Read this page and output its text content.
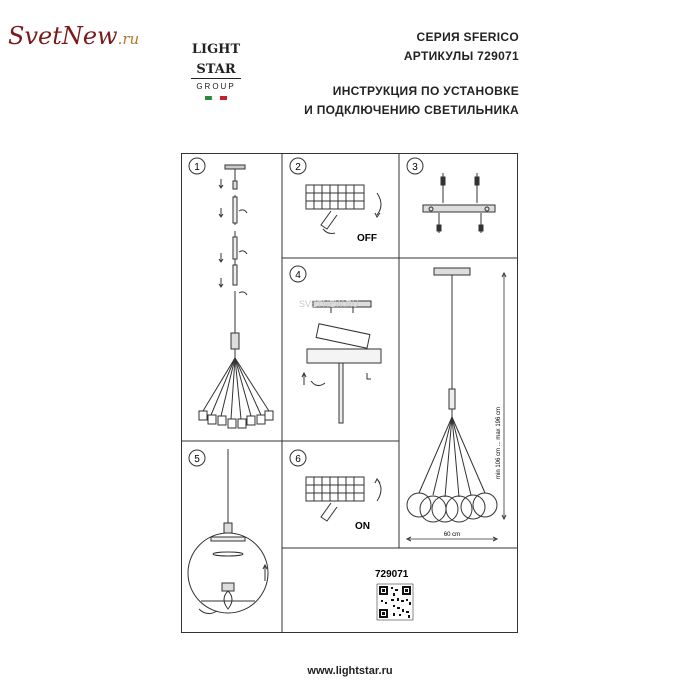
SvetNew.ru
LIGHT
STAR
GROUP
СЕРИЯ SFERICO
АРТИКУЛЫ 729071
ИНСТРУКЦИЯ ПО УСТАНОВКЕ
И ПОДКЛЮЧЕНИЮ СВЕТИЛЬНИКА
1	2	3
4
5	6
OFF
SVETNEW.RU
ON
min 106 cm ... max 196 cm
60 cm
729071
www.lightstar.ru
